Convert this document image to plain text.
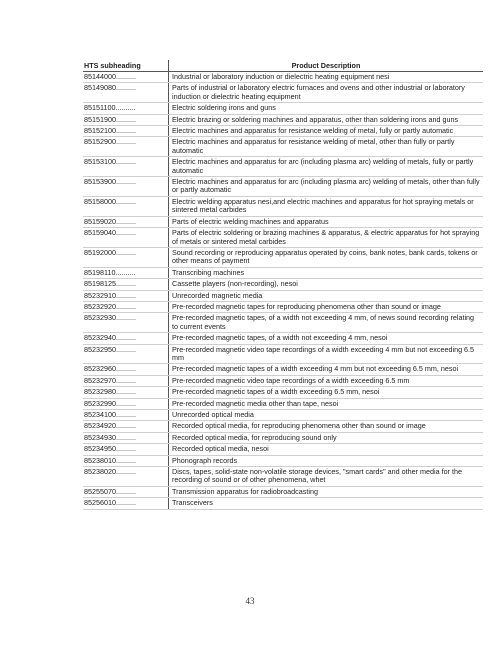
HTS subheading	Product Description
85144000..........	Industrial or laboratory induction or dielectric heating equipment nesi
85149080..........	Parts of industrial or laboratory electric furnaces and ovens and other industrial or laboratory induction or dielectric heating equipment
85151100..........	Electric soldering irons and guns
85151900..........	Electric brazing or soldering machines and apparatus, other than soldering irons and guns
85152100..........	Electric machines and apparatus for resistance welding of metal, fully or partly automatic
85152900..........	Electric machines and apparatus for resistance welding of metal, other than fully or partly automatic
85153100..........	Electric machines and apparatus for arc (including plasma arc) welding of metals, fully or partly automatic
85153900..........	Electric machines and apparatus for arc (including plasma arc) welding of metals, other than fully or partly automatic
85158000..........	Electric welding apparatus nesi,and electric machines and apparatus for hot spraying metals or sintered metal carbides
85159020..........	Parts of electric welding machines and apparatus
85159040..........	Parts of electric soldering or brazing machines & apparatus, & electric apparatus for hot spraying of metals or sintered metal carbides
85192000..........	Sound recording or reproducing apparatus operated by coins, bank notes, bank cards, tokens or other means of payment
85198110..........	Transcribing machines
85198125..........	Cassette players (non-recording), nesoi
85232910..........	Unrecorded magnetic media
85232920..........	Pre-recorded magnetic tapes for reproducing phenomena other than sound or image
85232930..........	Pre-recorded magnetic tapes, of a width not exceeding 4 mm, of news sound recording relating to current events
85232940..........	Pre-recorded magnetic tapes, of a width not exceeding 4 mm, nesoi
85232950..........	Pre-recorded magnetic video tape recordings of a width exceeding 4 mm but not exceeding 6.5 mm
85232960..........	Pre-recorded magnetic tapes of a width exceeding 4 mm but not exceeding 6.5 mm, nesoi
85232970..........	Pre-recorded magnetic video tape recordings of a width exceeding 6.5 mm
85232980..........	Pre-recorded magnetic tapes of a width exceeding 6.5 mm, nesoi
85232990..........	Pre-recorded magnetic media other than tape, nesoi
85234100..........	Unrecorded optical media
85234920..........	Recorded optical media, for reproducing phenomena other than sound or image
85234930..........	Recorded optical media, for reproducing sound only
85234950..........	Recorded optical media, nesoi
85238010..........	Phonograph records
85238020..........	Discs, tapes, solid-state non-volatile storage devices, "smart cards" and other media for the recording of sound or of other phenomena, whet
85255070..........	Transmission apparatus for radiobroadcasting
85256010..........	Transceivers
43
